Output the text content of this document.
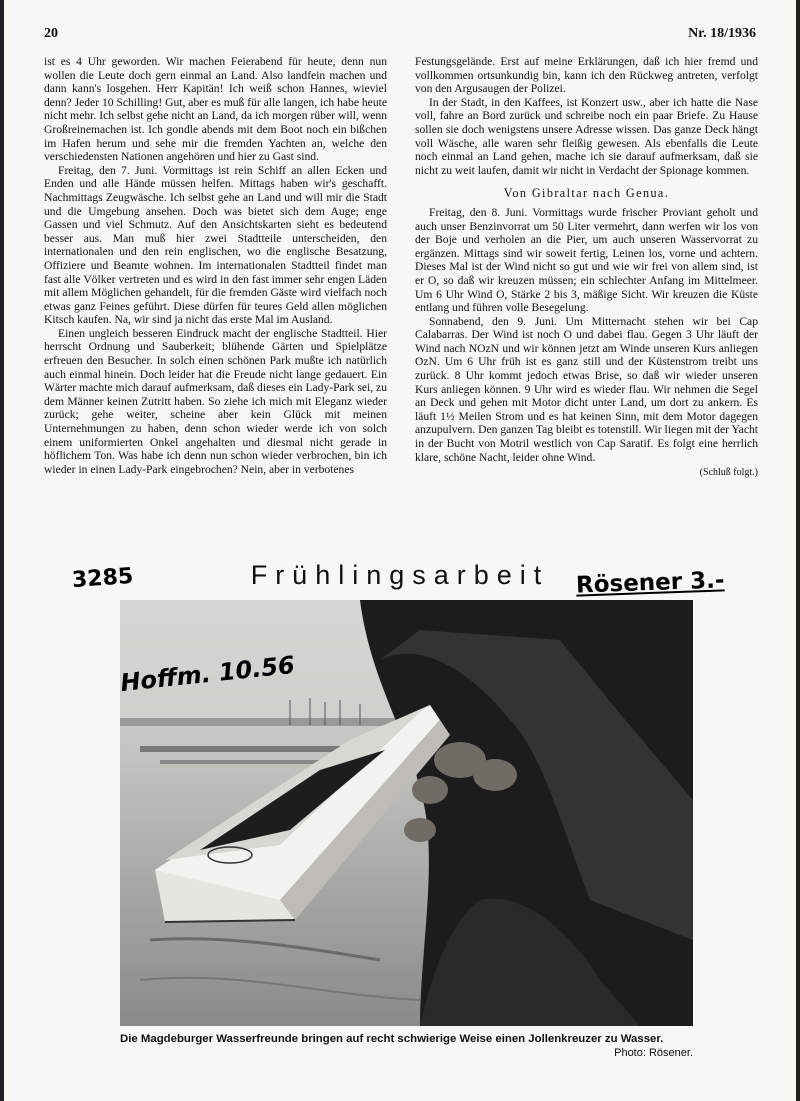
20	Nr. 18/1936

ist es 4 Uhr geworden. Wir machen Feierabend für heute, denn nun wollen die Leute doch gern einmal an Land. Also landfein machen und dann kann's losgehen. Herr Kapitän! Ich weiß schon Hannes, wieviel denn? Jeder 10 Schilling! Gut, aber es muß für alle langen, ich habe heute nicht mehr. Ich selbst gehe nicht an Land, da ich morgen rüber will, wenn Großreinemachen ist. Ich gondle abends mit dem Boot noch ein bißchen im Hafen herum und sehe mir die fremden Yachten an, welche den verschiedensten Nationen angehören und hier zu Gast sind.

Freitag, den 7. Juni. Vormittags ist rein Schiff an allen Ecken und Enden und alle Hände müssen helfen. Mittags haben wir's geschafft. Nachmittags Zeugwäsche. Ich selbst gehe an Land und will mir die Stadt und die Umgebung ansehen. Doch was bietet sich dem Auge; enge Gassen und viel Schmutz. Auf den Ansichtskarten sieht es bedeutend besser aus. Man muß hier zwei Stadtteile unterscheiden, den internationalen und den rein englischen, wo die englische Besatzung, Offiziere und Beamte wohnen. Im internationalen Stadtteil findet man fast alle Völker vertreten und es wird in den fast immer sehr engen Läden mit allem Möglichen gehandelt, für die fremden Gäste wird vielfach noch etwas ganz Feines geführt. Diese dürfen für teures Geld allen möglichen Kitsch kaufen. Na, wir sind ja nicht das erste Mal im Ausland.

Einen ungleich besseren Eindruck macht der englische Stadtteil. Hier herrscht Ordnung und Sauberkeit; blühende Gärten und Spielplätze erfreuen den Besucher. In solch einen schönen Park mußte ich natürlich auch einmal hinein. Doch leider hat die Freude nicht lange gedauert. Ein Wärter machte mich darauf aufmerksam, daß dieses ein Lady-Park sei, zu dem Männer keinen Zutritt haben. So ziehe ich mich mit Eleganz wieder zurück; gehe weiter, scheine aber kein Glück mit meinen Unternehmungen zu haben, denn schon wieder werde ich von solch einem uniformierten Onkel angehalten und diesmal nicht gerade in höflichem Ton. Was habe ich denn nun schon wieder verbrochen, bin ich wieder in einen Lady-Park eingebrochen? Nein, aber in verbotenes

Festungsgelände. Erst auf meine Erklärungen, daß ich hier fremd und vollkommen ortsunkundig bin, kann ich den Rückweg antreten, verfolgt von den Argusaugen der Polizei.

In der Stadt, in den Kaffees, ist Konzert usw., aber ich hatte die Nase voll, fahre an Bord zurück und schreibe noch ein paar Briefe. Zu Hause sollen sie doch wenigstens unsere Adresse wissen. Das ganze Deck hängt voll Wäsche, alle waren sehr fleißig gewesen. Als ebenfalls die Leute noch einmal an Land gehen, mache ich sie darauf aufmerksam, daß sie nicht zu weit laufen, damit wir nicht in Verdacht der Spionage kommen.

Von Gibraltar nach Genua.

Freitag, den 8. Juni. Vormittags wurde frischer Proviant geholt und auch unser Benzinvorrat um 50 Liter vermehrt, dann werfen wir los von der Boje und verholen an die Pier, um auch unseren Wasservorrat zu ergänzen. Mittags sind wir soweit fertig, Leinen los, vorne und achtern. Dieses Mal ist der Wind nicht so gut und wie wir frei von allem sind, ist er O, so daß wir kreuzen müssen; ein schlechter Anfang im Mittelmeer. Um 6 Uhr Wind O, Stärke 2 bis 3, mäßige Sicht. Wir kreuzen die Küste entlang und führen volle Besegelung.

Sonnabend, den 9. Juni. Um Mitternacht stehen wir bei Cap Calabarras. Der Wind ist noch O und dabei flau. Gegen 3 Uhr läuft der Wind nach NOzN und wir können jetzt am Winde unseren Kurs anliegen OzN. Um 6 Uhr früh ist es ganz still und der Küstenstrom treibt uns zurück. 8 Uhr kommt jedoch etwas Brise, so daß wir wieder unseren Kurs anliegen können. 9 Uhr wird es wieder flau. Wir nehmen die Segel an Deck und gehen mit Motor dicht unter Land, um dort zu ankern. Es läuft 1½ Meilen Strom und es hat keinen Sinn, mit dem Motor dagegen anzupulvern. Den ganzen Tag bleibt es totenstill. Wir liegen mit der Yacht in der Bucht von Motril westlich von Cap Saratif. Es folgt eine herrlich klare, schöne Nacht, leider ohne Wind.

(Schluß folgt.)
Frühlingsarbeit
3285	Rösener 3.-
Hoffm. 10.56
Die Magdeburger Wasserfreunde bringen auf recht schwierige Weise einen Jollenkreuzer zu Wasser.
Photo: Rösener.
